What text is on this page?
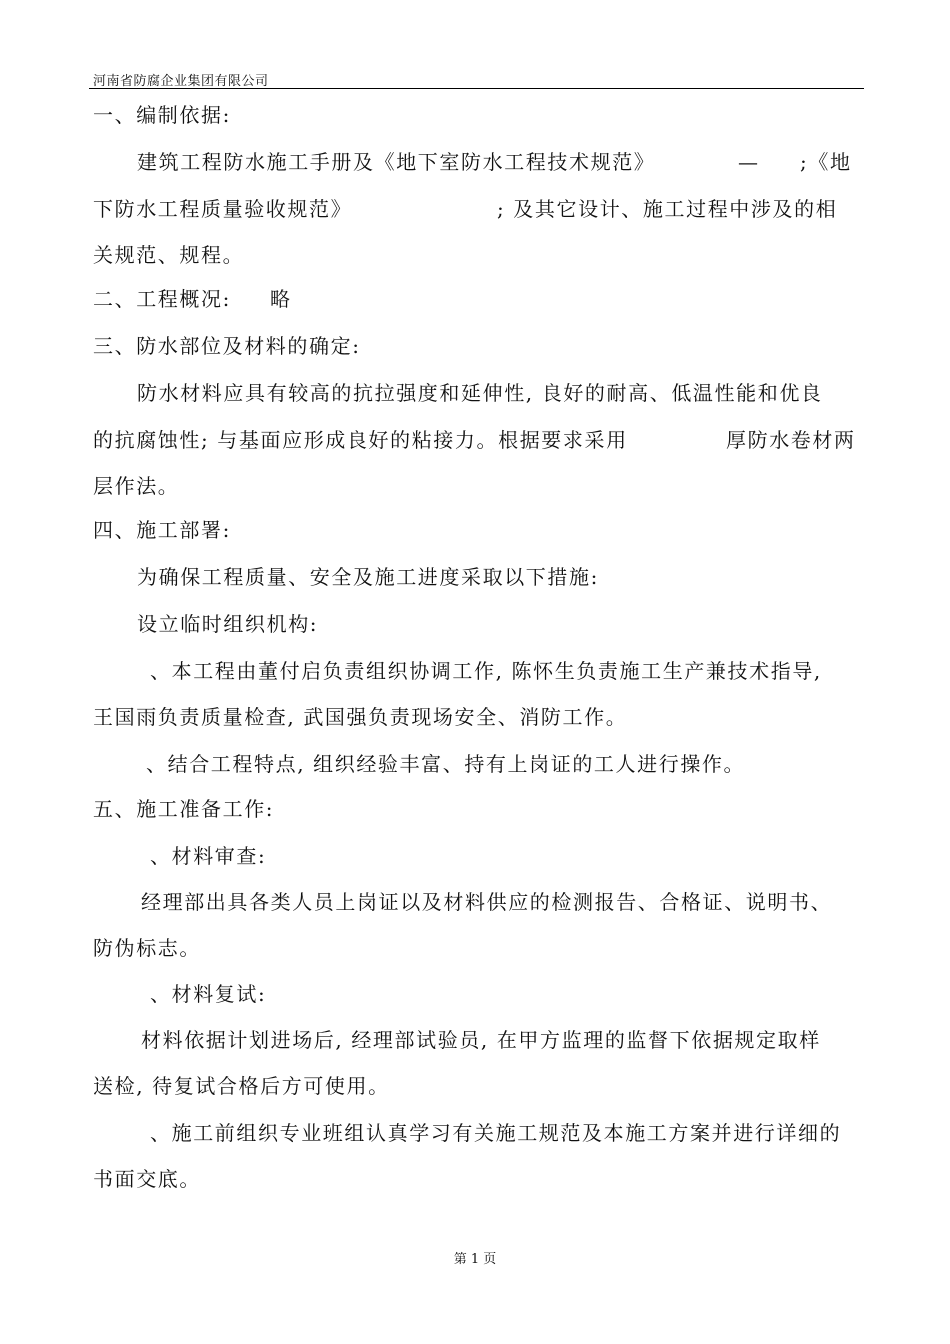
河南省防腐企业集团有限公司
一、编制依据:
建筑工程防水施工手册及《地下室防水工程技术规范》	— ;《地
下防水工程质量验收规范》	; 及其它设计、施工过程中涉及的相
关规范、规程。
二、工程概况: 略
三、防水部位及材料的确定:
防水材料应具有较高的抗拉强度和延伸性, 良好的耐高、低温性能和优良
的抗腐蚀性; 与基面应形成良好的粘接力。根据要求采用	厚防水卷材两
层作法。
四、施工部署:
为确保工程质量、安全及施工进度采取以下措施:
设立临时组织机构:
、本工程由董付启负责组织协调工作, 陈怀生负责施工生产兼技术指导,
王国雨负责质量检查, 武国强负责现场安全、消防工作。
、结合工程特点, 组织经验丰富、持有上岗证的工人进行操作。
五、施工准备工作:
、材料审查:
经理部出具各类人员上岗证以及材料供应的检测报告、合格证、说明书、
防伪标志。
、材料复试:
材料依据计划进场后, 经理部试验员, 在甲方监理的监督下依据规定取样
送检, 待复试合格后方可使用。
、施工前组织专业班组认真学习有关施工规范及本施工方案并进行详细的
书面交底。
第 1 页
